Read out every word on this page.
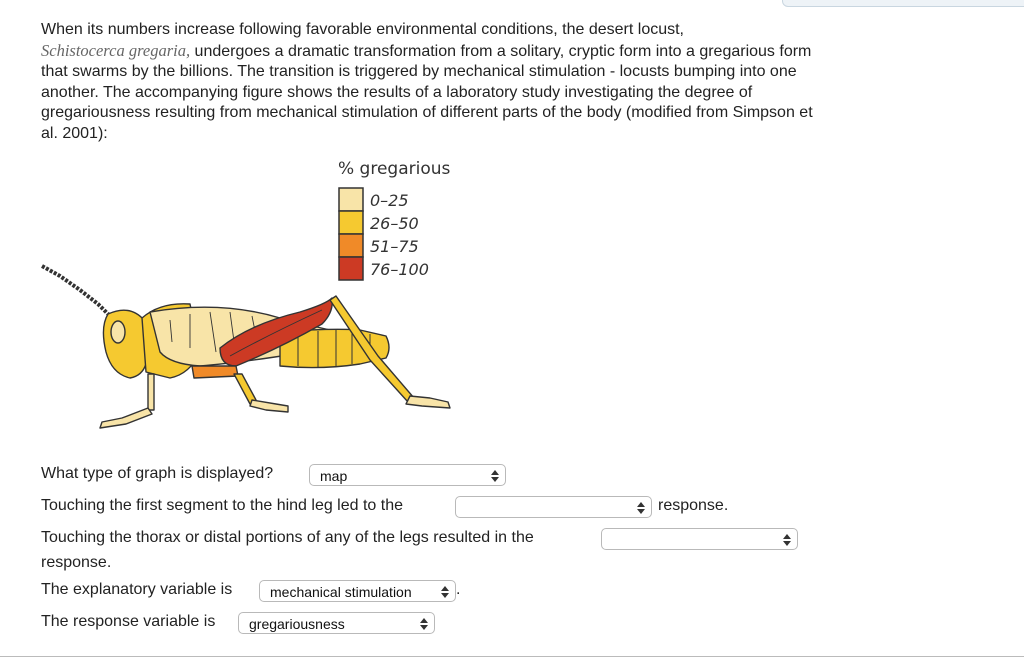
When its numbers increase following favorable environmental conditions, the desert locust,
Schistocerca gregaria, undergoes a dramatic transformation from a solitary, cryptic form into a gregarious form that swarms by the billions. The transition is triggered by mechanical stimulation - locusts bumping into one another. The accompanying figure shows the results of a laboratory study investigating the degree of gregariousness resulting from mechanical stimulation of different parts of the body (modified from Simpson et al. 2001):
% gregarious
0–25
26–50
51–75
76–100
What type of graph is displayed?	map
Touching the first segment to the hind leg led to the	response.
Touching the thorax or distal portions of any of the legs resulted in the
response.
The explanatory variable is	mechanical stimulation	.
The response variable is	gregariousness
